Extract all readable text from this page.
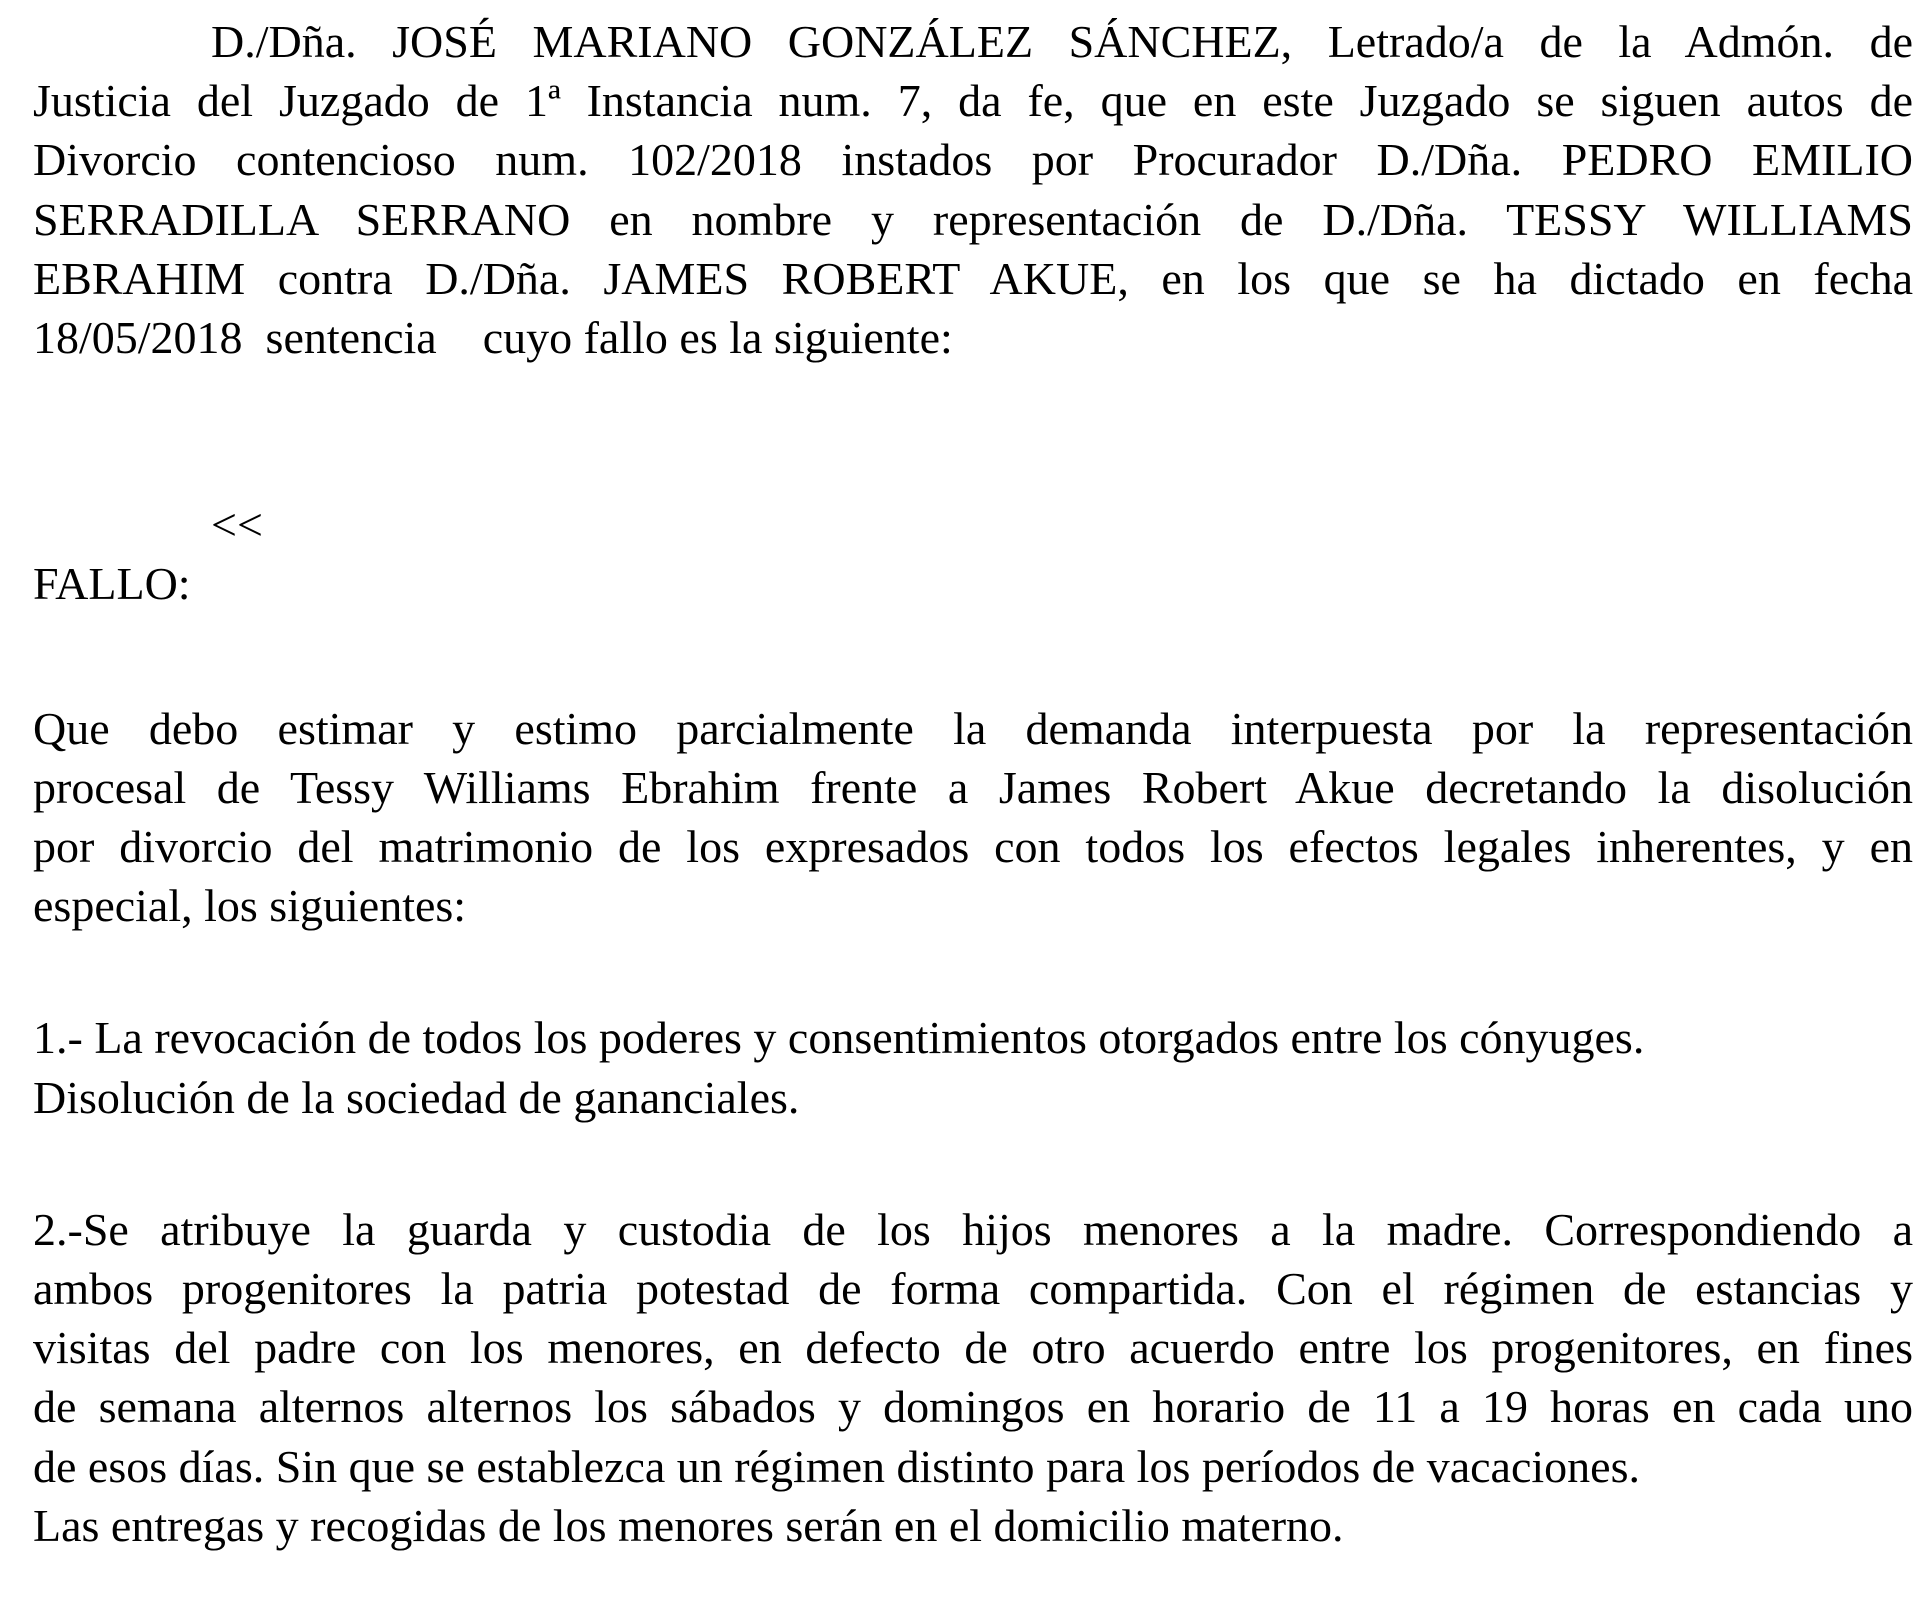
D./Dña. JOSÉ MARIANO GONZÁLEZ SÁNCHEZ, Letrado/a de la Admón. de
Justicia del Juzgado de 1ª Instancia num. 7, da fe, que en este Juzgado se siguen autos de
Divorcio contencioso num. 102/2018 instados por Procurador D./Dña. PEDRO EMILIO
SERRADILLA SERRANO en nombre y representación de D./Dña. TESSY WILLIAMS
EBRAHIM contra D./Dña. JAMES ROBERT AKUE, en los que se ha dictado en fecha
18/05/2018  sentencia    cuyo fallo es la siguiente:
<<
FALLO:
Que debo estimar y estimo parcialmente la demanda interpuesta por la representación
procesal de Tessy Williams Ebrahim frente a James Robert Akue decretando la disolución
por divorcio del matrimonio de los expresados con todos los efectos legales inherentes, y en
especial, los siguientes:
1.- La revocación de todos los poderes y consentimientos otorgados entre los cónyuges.
Disolución de la sociedad de gananciales.
2.-Se atribuye la guarda y custodia de los hijos menores a la madre. Correspondiendo a
ambos progenitores la patria potestad de forma compartida. Con el régimen de estancias y
visitas del padre con los menores, en defecto de otro acuerdo entre los progenitores, en fines
de semana alternos alternos los sábados y domingos en horario de 11 a 19 horas en cada uno
de esos días. Sin que se establezca un régimen distinto para los períodos de vacaciones.
Las entregas y recogidas de los menores serán en el domicilio materno.
